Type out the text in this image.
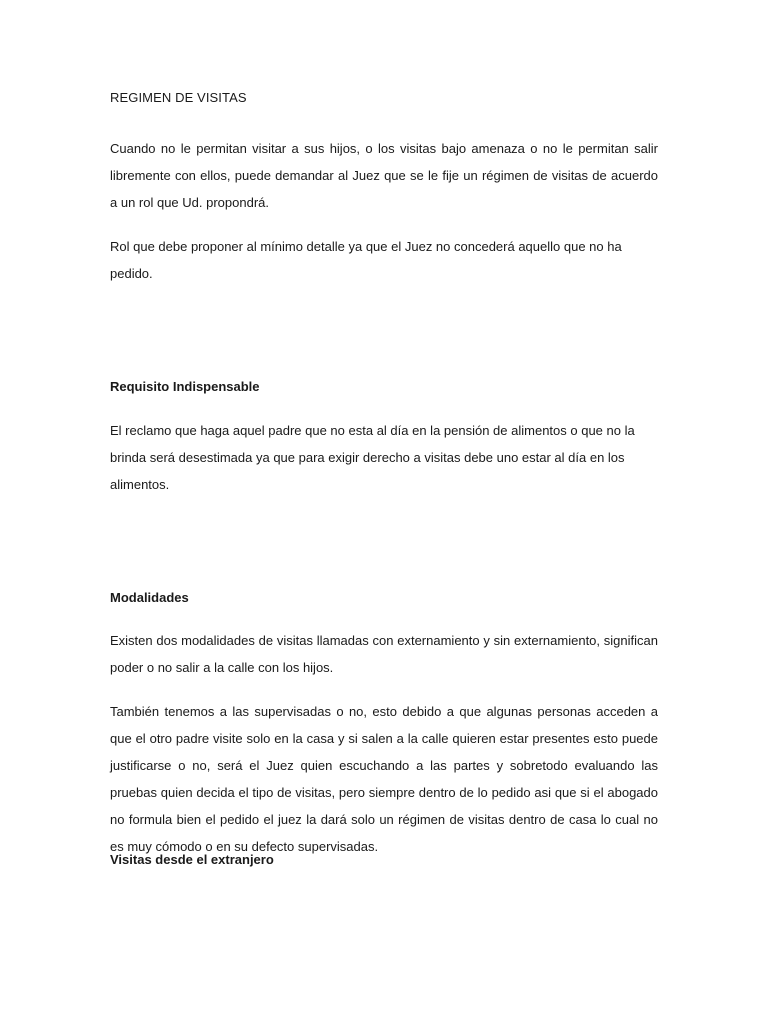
REGIMEN DE VISITAS

Cuando no le permitan visitar a sus hijos, o los visitas bajo amenaza o no le permitan salir libremente con ellos, puede demandar al Juez que se le fije un régimen de visitas de acuerdo a un rol que Ud. propondrá.

Rol que debe proponer al mínimo detalle ya que el Juez no concederá aquello que no ha pedido.

Requisito Indispensable

El reclamo que haga aquel padre que no esta al día en la pensión de alimentos o que no la brinda será desestimada ya que para exigir derecho a visitas debe uno estar al día en los alimentos.

Modalidades

Existen dos modalidades de visitas llamadas con externamiento y sin externamiento, significan poder o no salir a la calle con los hijos.

También tenemos a las supervisadas o no, esto debido a que algunas personas acceden a que el otro padre visite solo en la casa y si salen a la calle quieren estar presentes esto puede justificarse o no, será el Juez quien escuchando a las partes y sobretodo evaluando las pruebas quien decida el tipo de visitas, pero siempre dentro de lo pedido asi que si el abogado no formula bien el pedido el juez la dará solo un régimen de visitas dentro de casa lo cual no es muy cómodo o en su defecto supervisadas.

Visitas desde el extranjero
